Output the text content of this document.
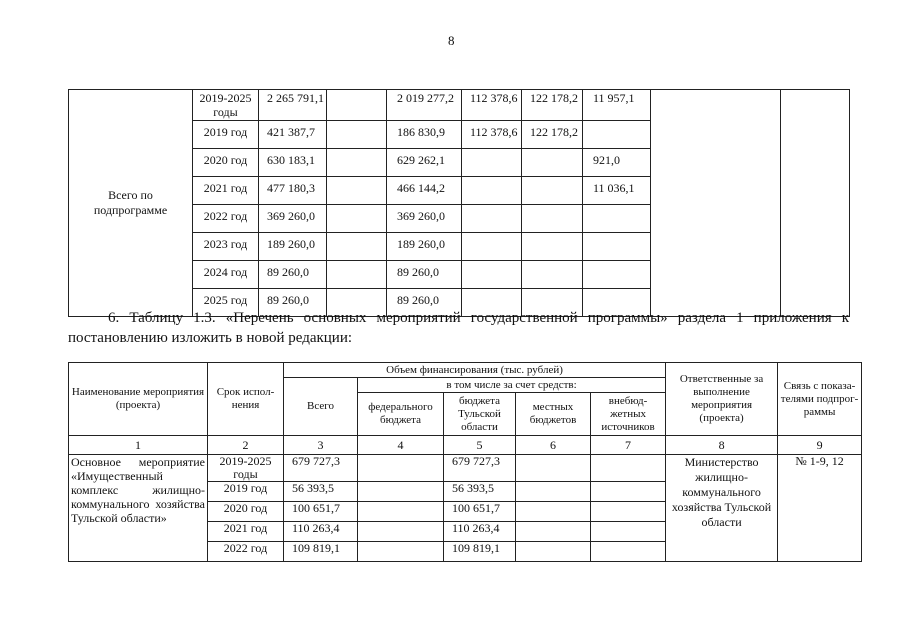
8
Всего по подпрограмме	2019-2025 годы	2 265 791,1		2 019 277,2	112 378,6	122 178,2	11 957,1		
	2019 год	421 387,7		186 830,9	112 378,6	122 178,2			
	2020 год	630 183,1		629 262,1			921,0		
	2021 год	477 180,3		466 144,2			11 036,1		
	2022 год	369 260,0		369 260,0					
	2023 год	189 260,0		189 260,0					
	2024 год	89 260,0		89 260,0					
	2025 год	89 260,0		89 260,0					
6. Таблицу 1.3. «Перечень основных мероприятий государственной программы» раздела 1 приложения к постановлению изложить в новой редакции:
Наименование мероприятия (проекта)	Срок испол-нения	Объем финансирования (тыс. рублей)					Ответственные за выполнение мероприятия (проекта)	Связь с показа-телями подпрог-раммы
		Всего	в том числе за счет средств:					
			федерального бюджета	бюджета Тульской области	местных бюджетов	внебюд-жетных источников		
1	2	3	4	5	6	7	8	9
Основное мероприятие «Имущественный комплекс жилищно-коммунального хозяйства Тульской области»	2019-2025 годы	679 727,3		679 727,3			Министерство жилищно-коммунального хозяйства Тульской области	№ 1-9, 12
	2019 год	56 393,5		56 393,5				
	2020 год	100 651,7		100 651,7				
	2021 год	110 263,4		110 263,4				
	2022 год	109 819,1		109 819,1				
